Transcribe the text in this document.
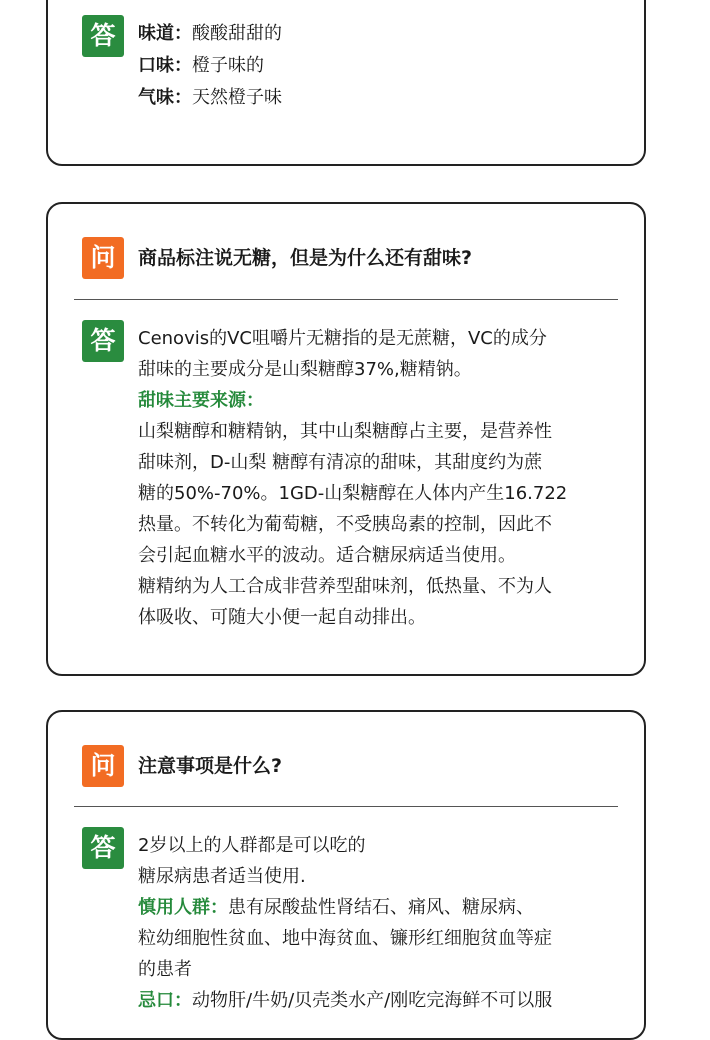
答	味道：酸酸甜甜的
口味：橙子味的
气味：天然橙子味
问	商品标注说无糖，但是为什么还有甜味?
答	Cenovis的VC咀嚼片无糖指的是无蔗糖，VC的成分
甜味的主要成分是山梨糖醇37%,糖精钠。
甜味主要来源：
山梨糖醇和糖精钠，其中山梨糖醇占主要，是营养性
甜味剂，D-山梨 糖醇有清凉的甜味，其甜度约为蔗
糖的50%-70%。1GD-山梨糖醇在人体内产生16.722
热量。不转化为葡萄糖，不受胰岛素的控制，因此不
会引起血糖水平的波动。适合糖尿病适当使用。
糖精纳为人工合成非营养型甜味剂，低热量、不为人
体吸收、可随大小便一起自动排出。
问	注意事项是什么?
答	2岁以上的人群都是可以吃的
糖尿病患者适当使用.
慎用人群：患有尿酸盐性肾结石、痛风、糖尿病、
粒幼细胞性贫血、地中海贫血、镰形红细胞贫血等症
的患者
忌口：动物肝/牛奶/贝壳类水产/刚吃完海鲜不可以服
